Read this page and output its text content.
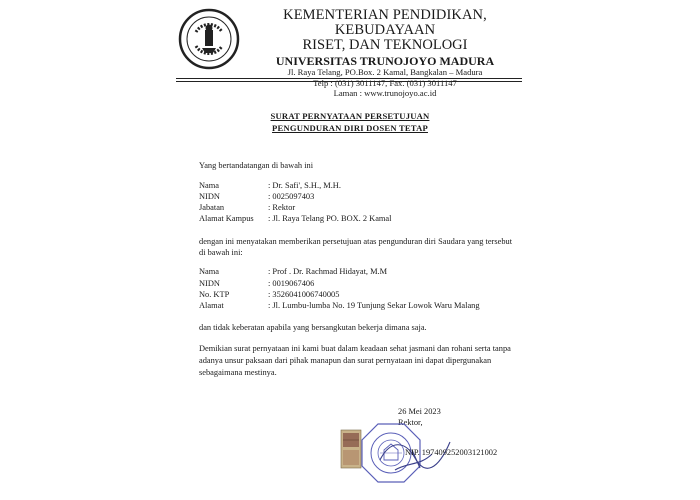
KEMENTERIAN PENDIDIKAN, KEBUDAYAAN
RISET, DAN TEKNOLOGI
UNIVERSITAS TRUNOJOYO MADURA
Jl. Raya Telang, PO.Box. 2 Kamal, Bangkalan – Madura
Telp : (031) 3011147, Fax. (031) 3011147
Laman : www.trunojoyo.ac.id
SURAT PERNYATAAN PERSETUJUAN
PENGUNDURAN DIRI DOSEN TETAP
Yang bertandatangan di bawah ini
Nama	: Dr. Safi', S.H., M.H.
NIDN	: 0025097403
Jabatan	: Rektor
Alamat Kampus : Jl. Raya Telang PO. BOX. 2 Kamal
dengan ini menyatakan memberikan persetujuan atas pengunduran diri Saudara yang tersebut
di bawah ini:
Nama	: Prof . Dr. Rachmad Hidayat, M.M
NIDN	: 0019067406
No. KTP	: 3526041006740005
Alamat	: Jl. Lumbu-lumba No. 19 Tunjung Sekar Lowok Waru Malang
dan tidak keberatan apabila yang bersangkutan bekerja dimana saja.
Demikian surat pernyataan ini kami buat dalam keadaan sehat jasmani dan rohani serta tanpa
adanya unsur paksaan dari pihak manapun dan surat pernyataan ini dapat dipergunakan
sebagaimana mestinya.
26 Mei 2023
Rektor,
NIP. 197409252003121002
